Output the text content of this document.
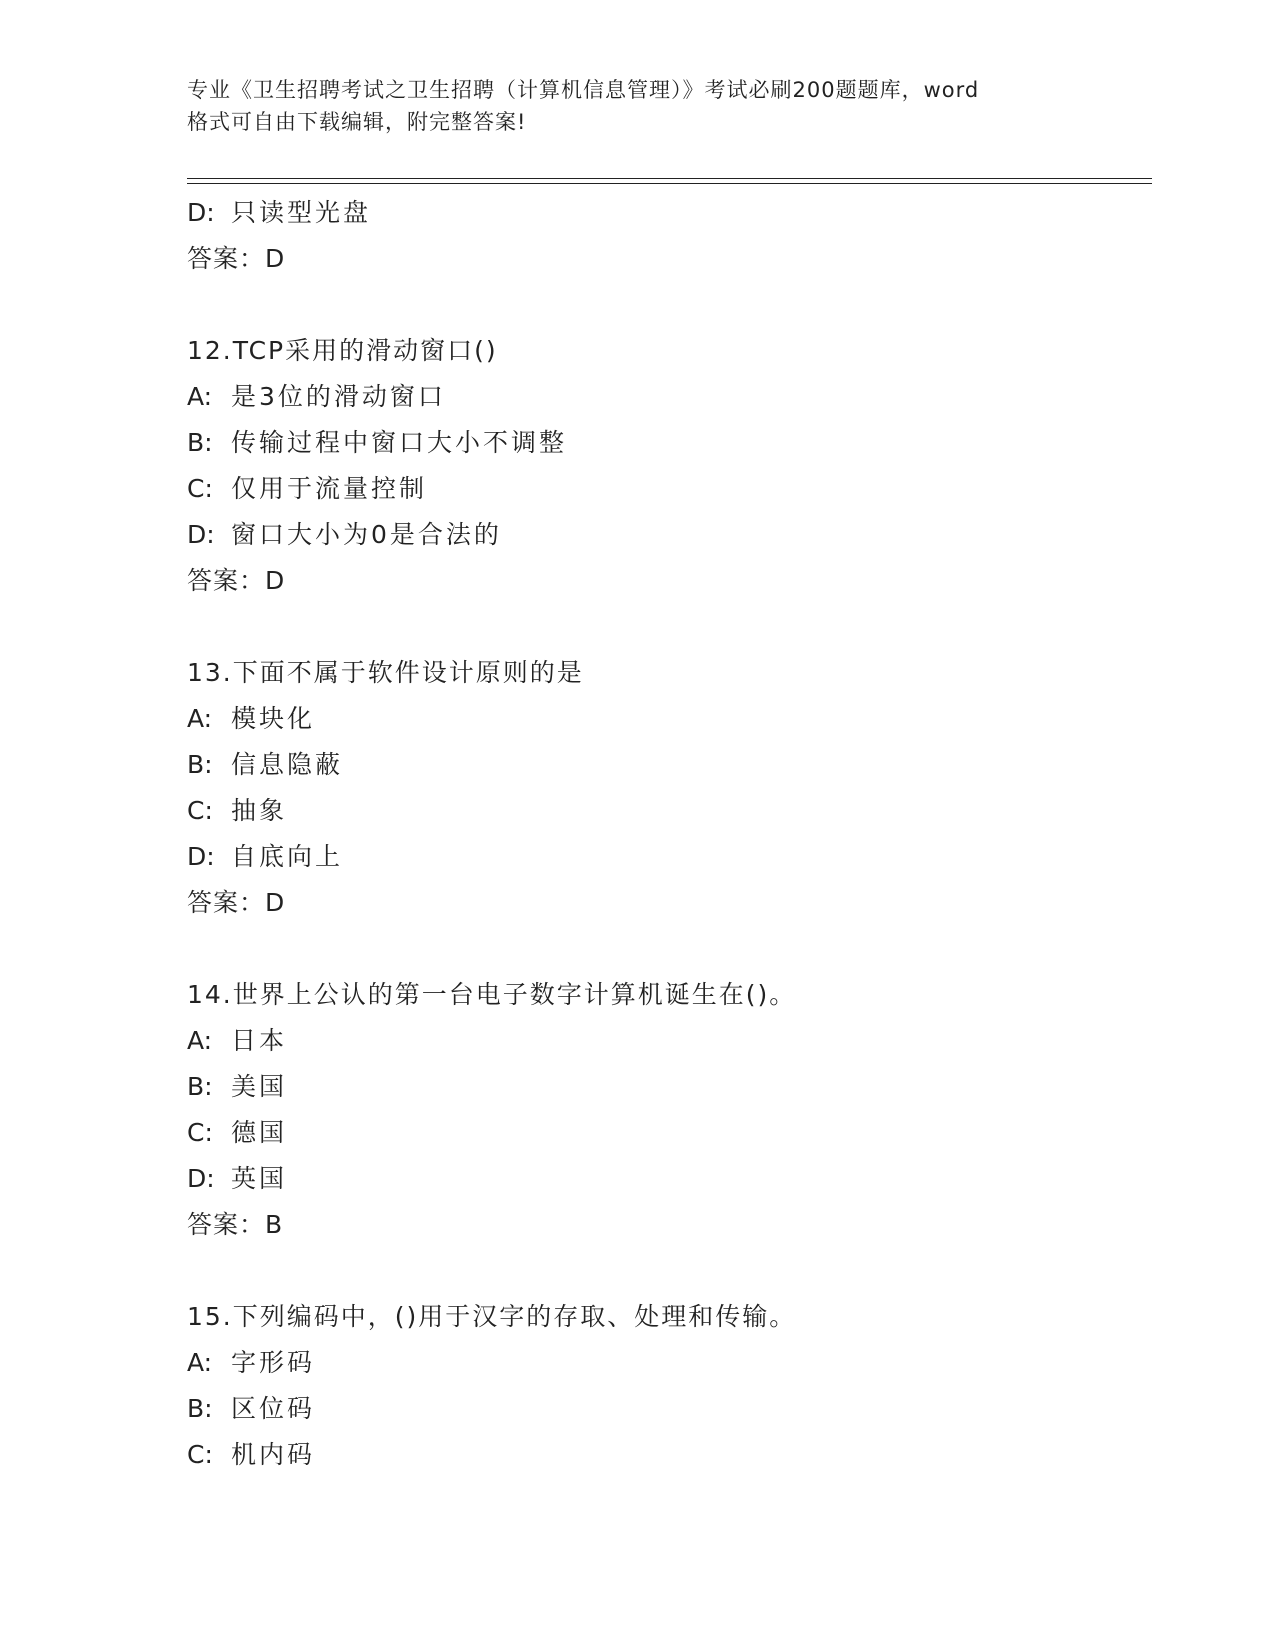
专业《卫生招聘考试之卫生招聘（计算机信息管理）》考试必刷200题题库，word
格式可自由下载编辑，附完整答案!
D: 只读型光盘
答案：D
12.TCP采用的滑动窗口()
A: 是3位的滑动窗口
B: 传输过程中窗口大小不调整
C: 仅用于流量控制
D: 窗口大小为0是合法的
答案：D
13.下面不属于软件设计原则的是
A: 模块化
B: 信息隐蔽
C: 抽象
D: 自底向上
答案：D
14.世界上公认的第一台电子数字计算机诞生在()。
A: 日本
B: 美国
C: 德国
D: 英国
答案：B
15.下列编码中，()用于汉字的存取、处理和传输。
A: 字形码
B: 区位码
C: 机内码
